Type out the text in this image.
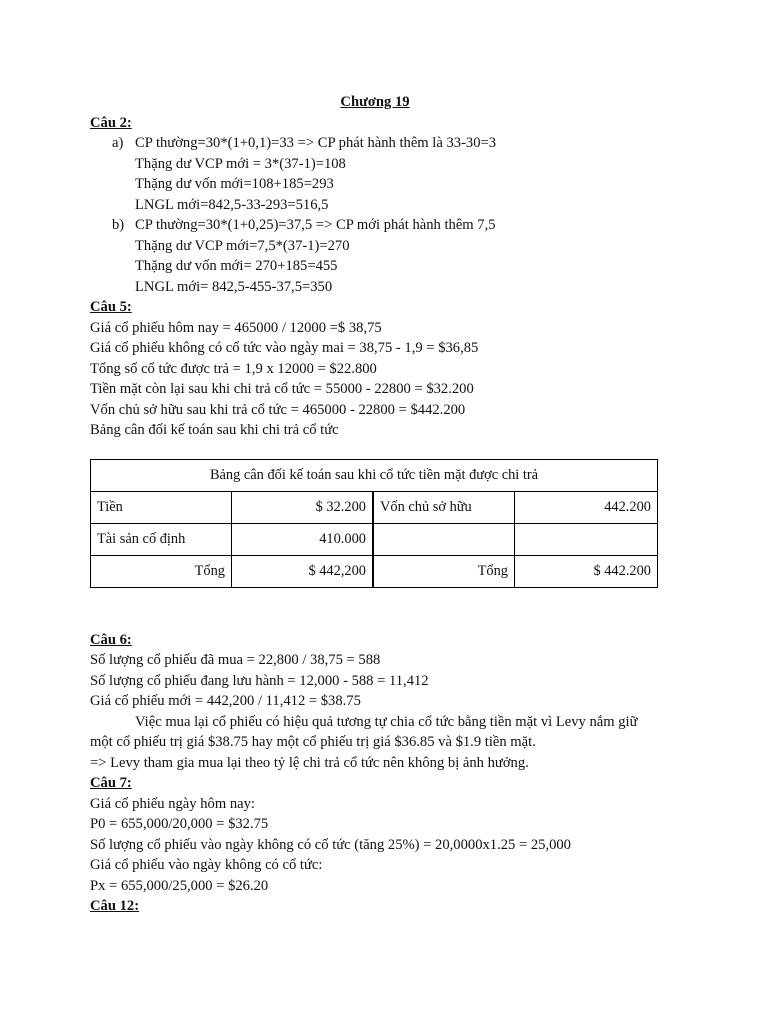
Chương 19
Câu 2:
a) CP thường=30*(1+0,1)=33 => CP phát hành thêm là 33-30=3
Thặng dư VCP mới = 3*(37-1)=108
Thặng dư vốn mới=108+185=293
LNGL mới=842,5-33-293=516,5
b) CP thường=30*(1+0,25)=37,5 => CP mới phát hành thêm 7,5
Thặng dư VCP mới=7,5*(37-1)=270
Thặng dư vốn mới= 270+185=455
LNGL mới= 842,5-455-37,5=350
Câu 5:
Giá cổ phiếu hôm nay = 465000 / 12000 =$ 38,75
Giá cổ phiếu không có cổ tức vào ngày mai = 38,75 - 1,9 = $36,85
Tổng số cổ tức được trả = 1,9 x 12000 = $22.800
Tiền mặt còn lại sau khi chi trả cổ tức = 55000 - 22800 = $32.200
Vốn chủ sở hữu sau khi trả cổ tức = 465000 - 22800 = $442.200
Bảng cân đối kế toán sau khi chi trả cổ tức
Bảng cân đối kế toán sau khi cổ tức tiền mặt được chi trả			
Tiền	$ 32.200	Vốn chủ sở hữu	442.200
Tài sản cố định	410.000		
Tổng	$ 442,200	Tổng	$ 442.200
Câu 6:
Số lượng cổ phiếu đã mua = 22,800 / 38,75 = 588
Số lượng cổ phiếu đang lưu hành = 12,000 - 588 = 11,412
Giá cổ phiếu mới = 442,200 / 11,412 = $38.75
Việc mua lại cổ phiếu có hiệu quả tương tự chia cổ tức bằng tiền mặt vì Levy nắm giữ
một cổ phiếu trị giá $38.75 hay một cổ phiếu trị giá $36.85 và $1.9 tiền mặt.
=> Levy tham gia mua lại theo tỷ lệ chi trả cổ tức nên không bị ảnh hưởng.
Câu 7:
Giá cổ phiếu ngày hôm nay:
P0 = 655,000/20,000 = $32.75
Số lượng cổ phiếu vào ngày không có cổ tức (tăng 25%) = 20,0000x1.25 = 25,000
Giá cổ phiếu vào ngày không có cổ tức:
Px = 655,000/25,000 = $26.20
Câu 12:
